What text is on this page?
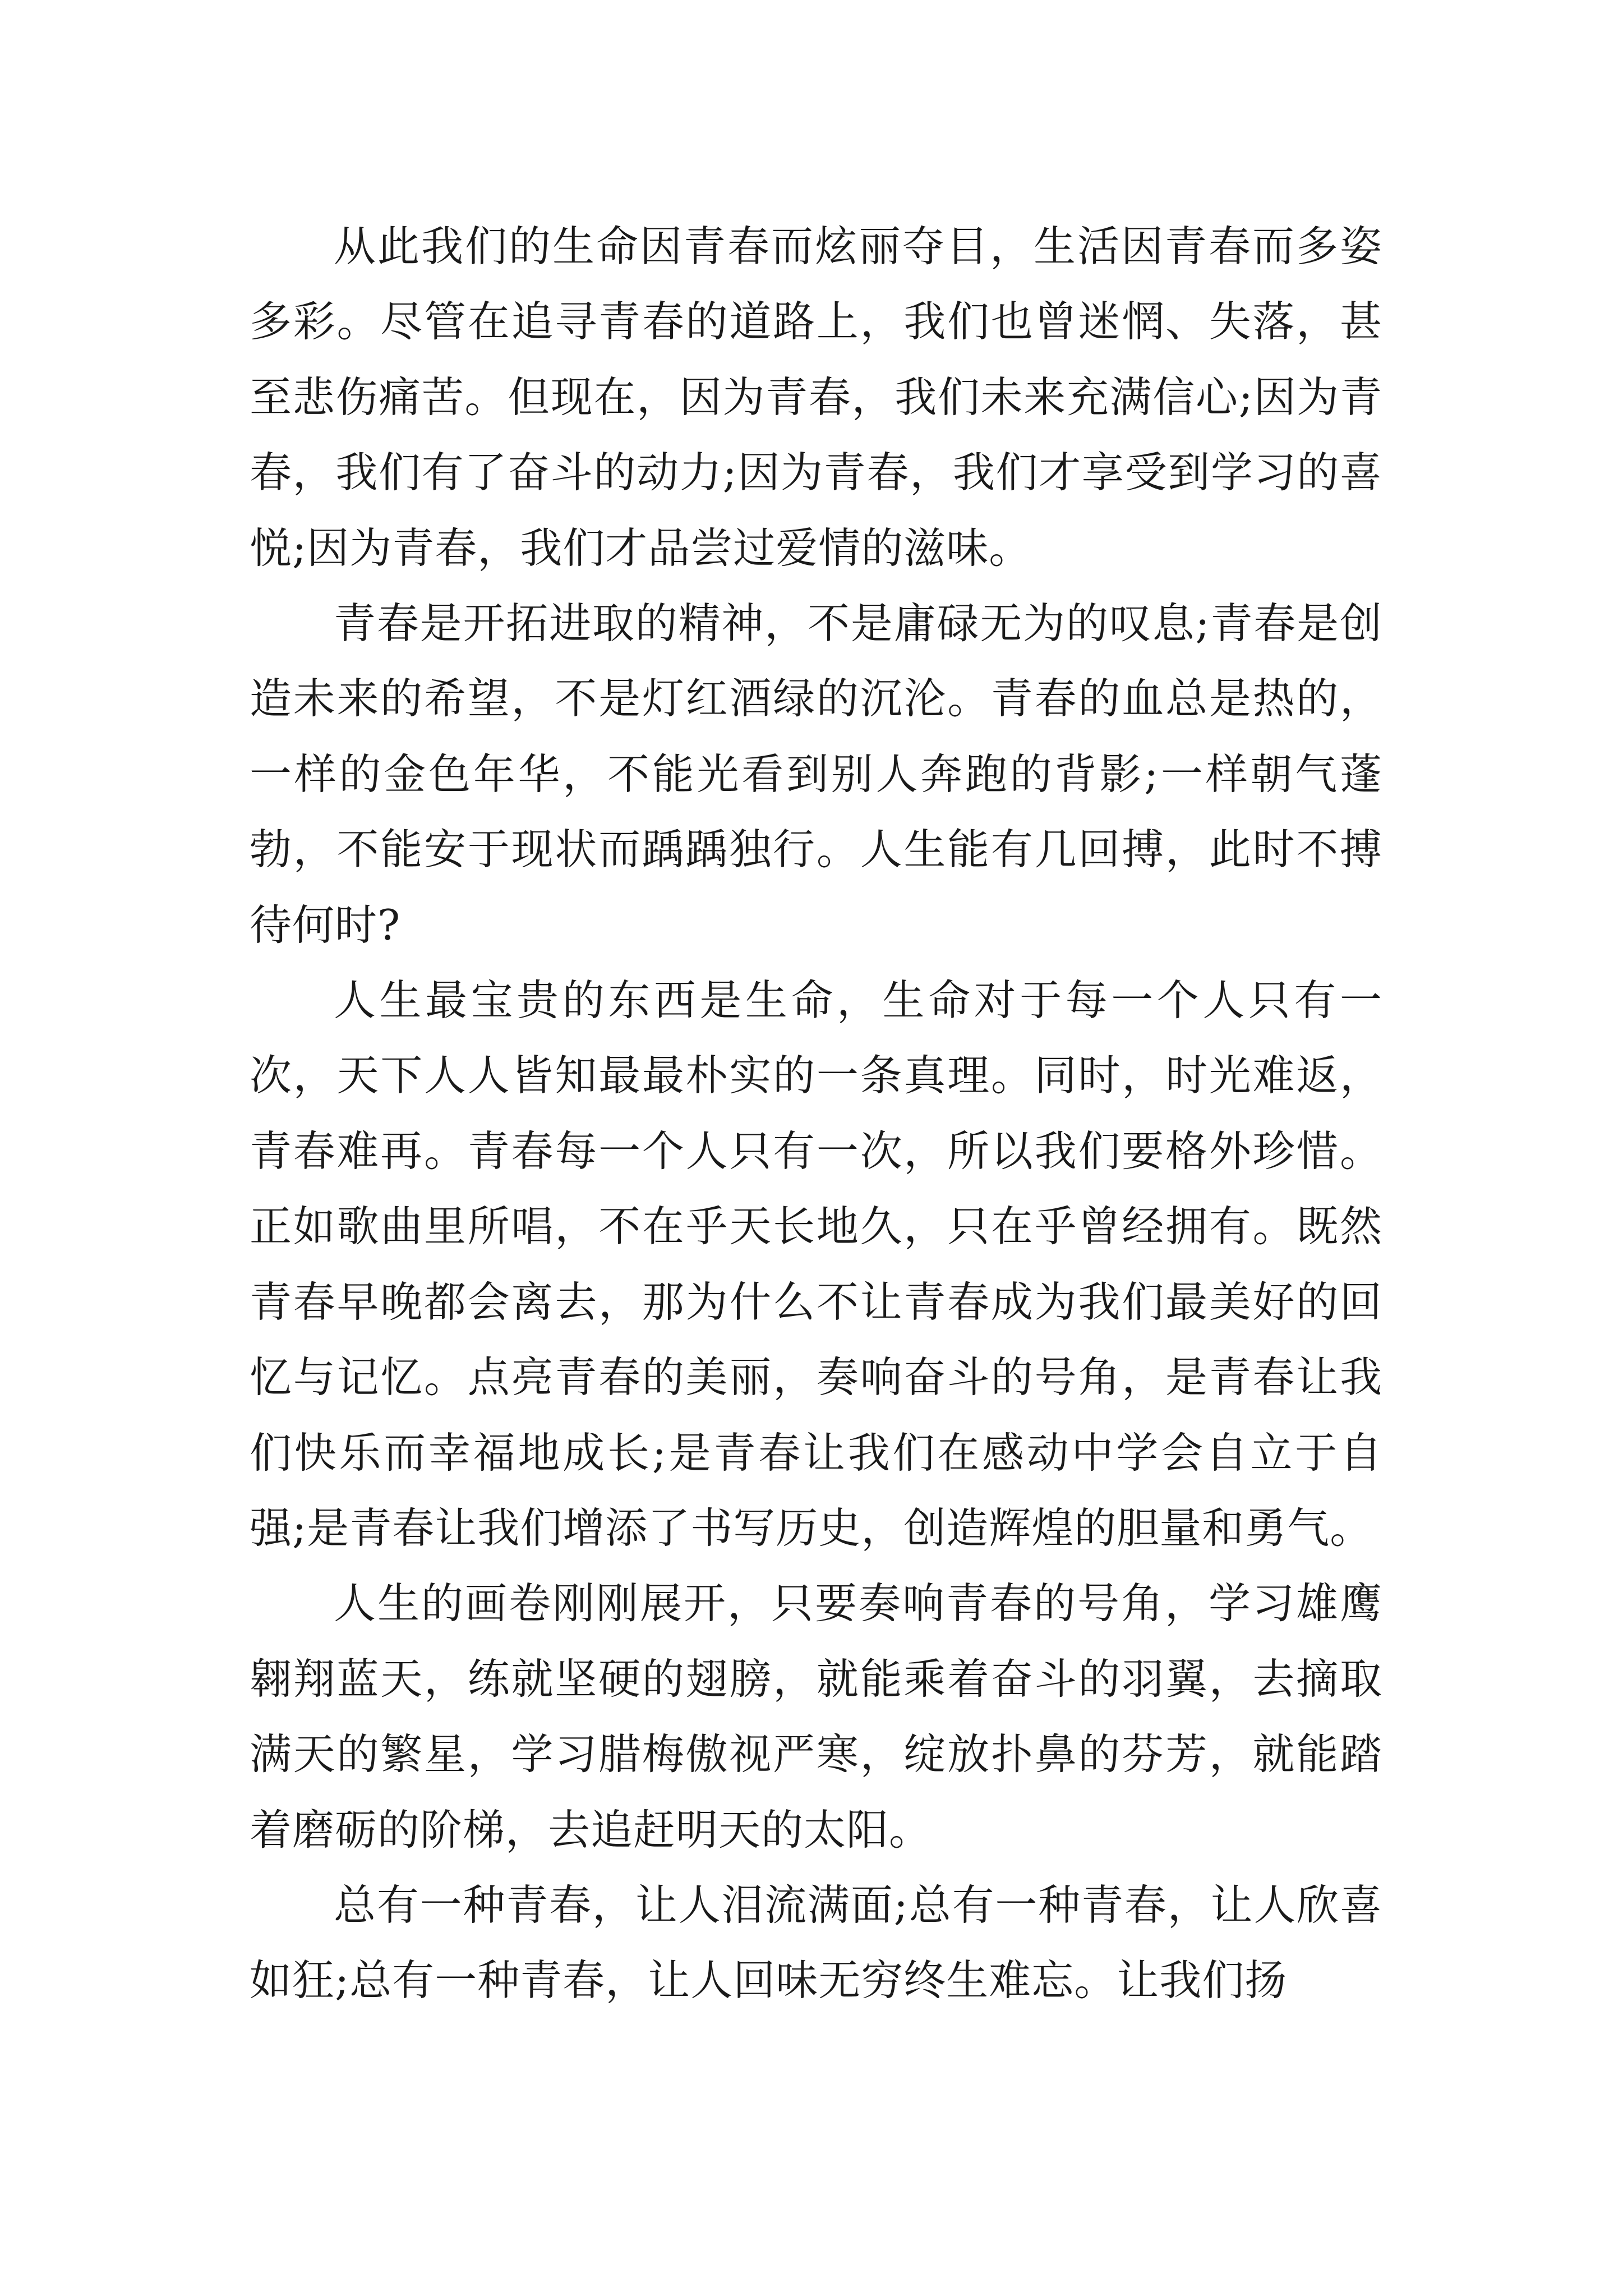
从此我们的生命因青春而炫丽夺目，生活因青春而多姿多彩。尽管在追寻青春的道路上，我们也曾迷惘、失落，甚至悲伤痛苦。但现在，因为青春，我们未来充满信心;因为青春，我们有了奋斗的动力;因为青春，我们才享受到学习的喜悦;因为青春，我们才品尝过爱情的滋味。

青春是开拓进取的精神，不是庸碌无为的叹息;青春是创造未来的希望，不是灯红酒绿的沉沦。青春的血总是热的，一样的金色年华，不能光看到别人奔跑的背影;一样朝气蓬勃，不能安于现状而踽踽独行。人生能有几回搏，此时不搏待何时?

人生最宝贵的东西是生命，生命对于每一个人只有一次，天下人人皆知最最朴实的一条真理。同时，时光难返，青春难再。青春每一个人只有一次，所以我们要格外珍惜。正如歌曲里所唱，不在乎天长地久，只在乎曾经拥有。既然青春早晚都会离去，那为什么不让青春成为我们最美好的回忆与记忆。点亮青春的美丽，奏响奋斗的号角，是青春让我们快乐而幸福地成长;是青春让我们在感动中学会自立于自强;是青春让我们增添了书写历史，创造辉煌的胆量和勇气。

人生的画卷刚刚展开，只要奏响青春的号角，学习雄鹰翱翔蓝天，练就坚硬的翅膀，就能乘着奋斗的羽翼，去摘取满天的繁星，学习腊梅傲视严寒，绽放扑鼻的芬芳，就能踏着磨砺的阶梯，去追赶明天的太阳。

总有一种青春，让人泪流满面;总有一种青春，让人欣喜如狂;总有一种青春，让人回味无穷终生难忘。让我们扬
